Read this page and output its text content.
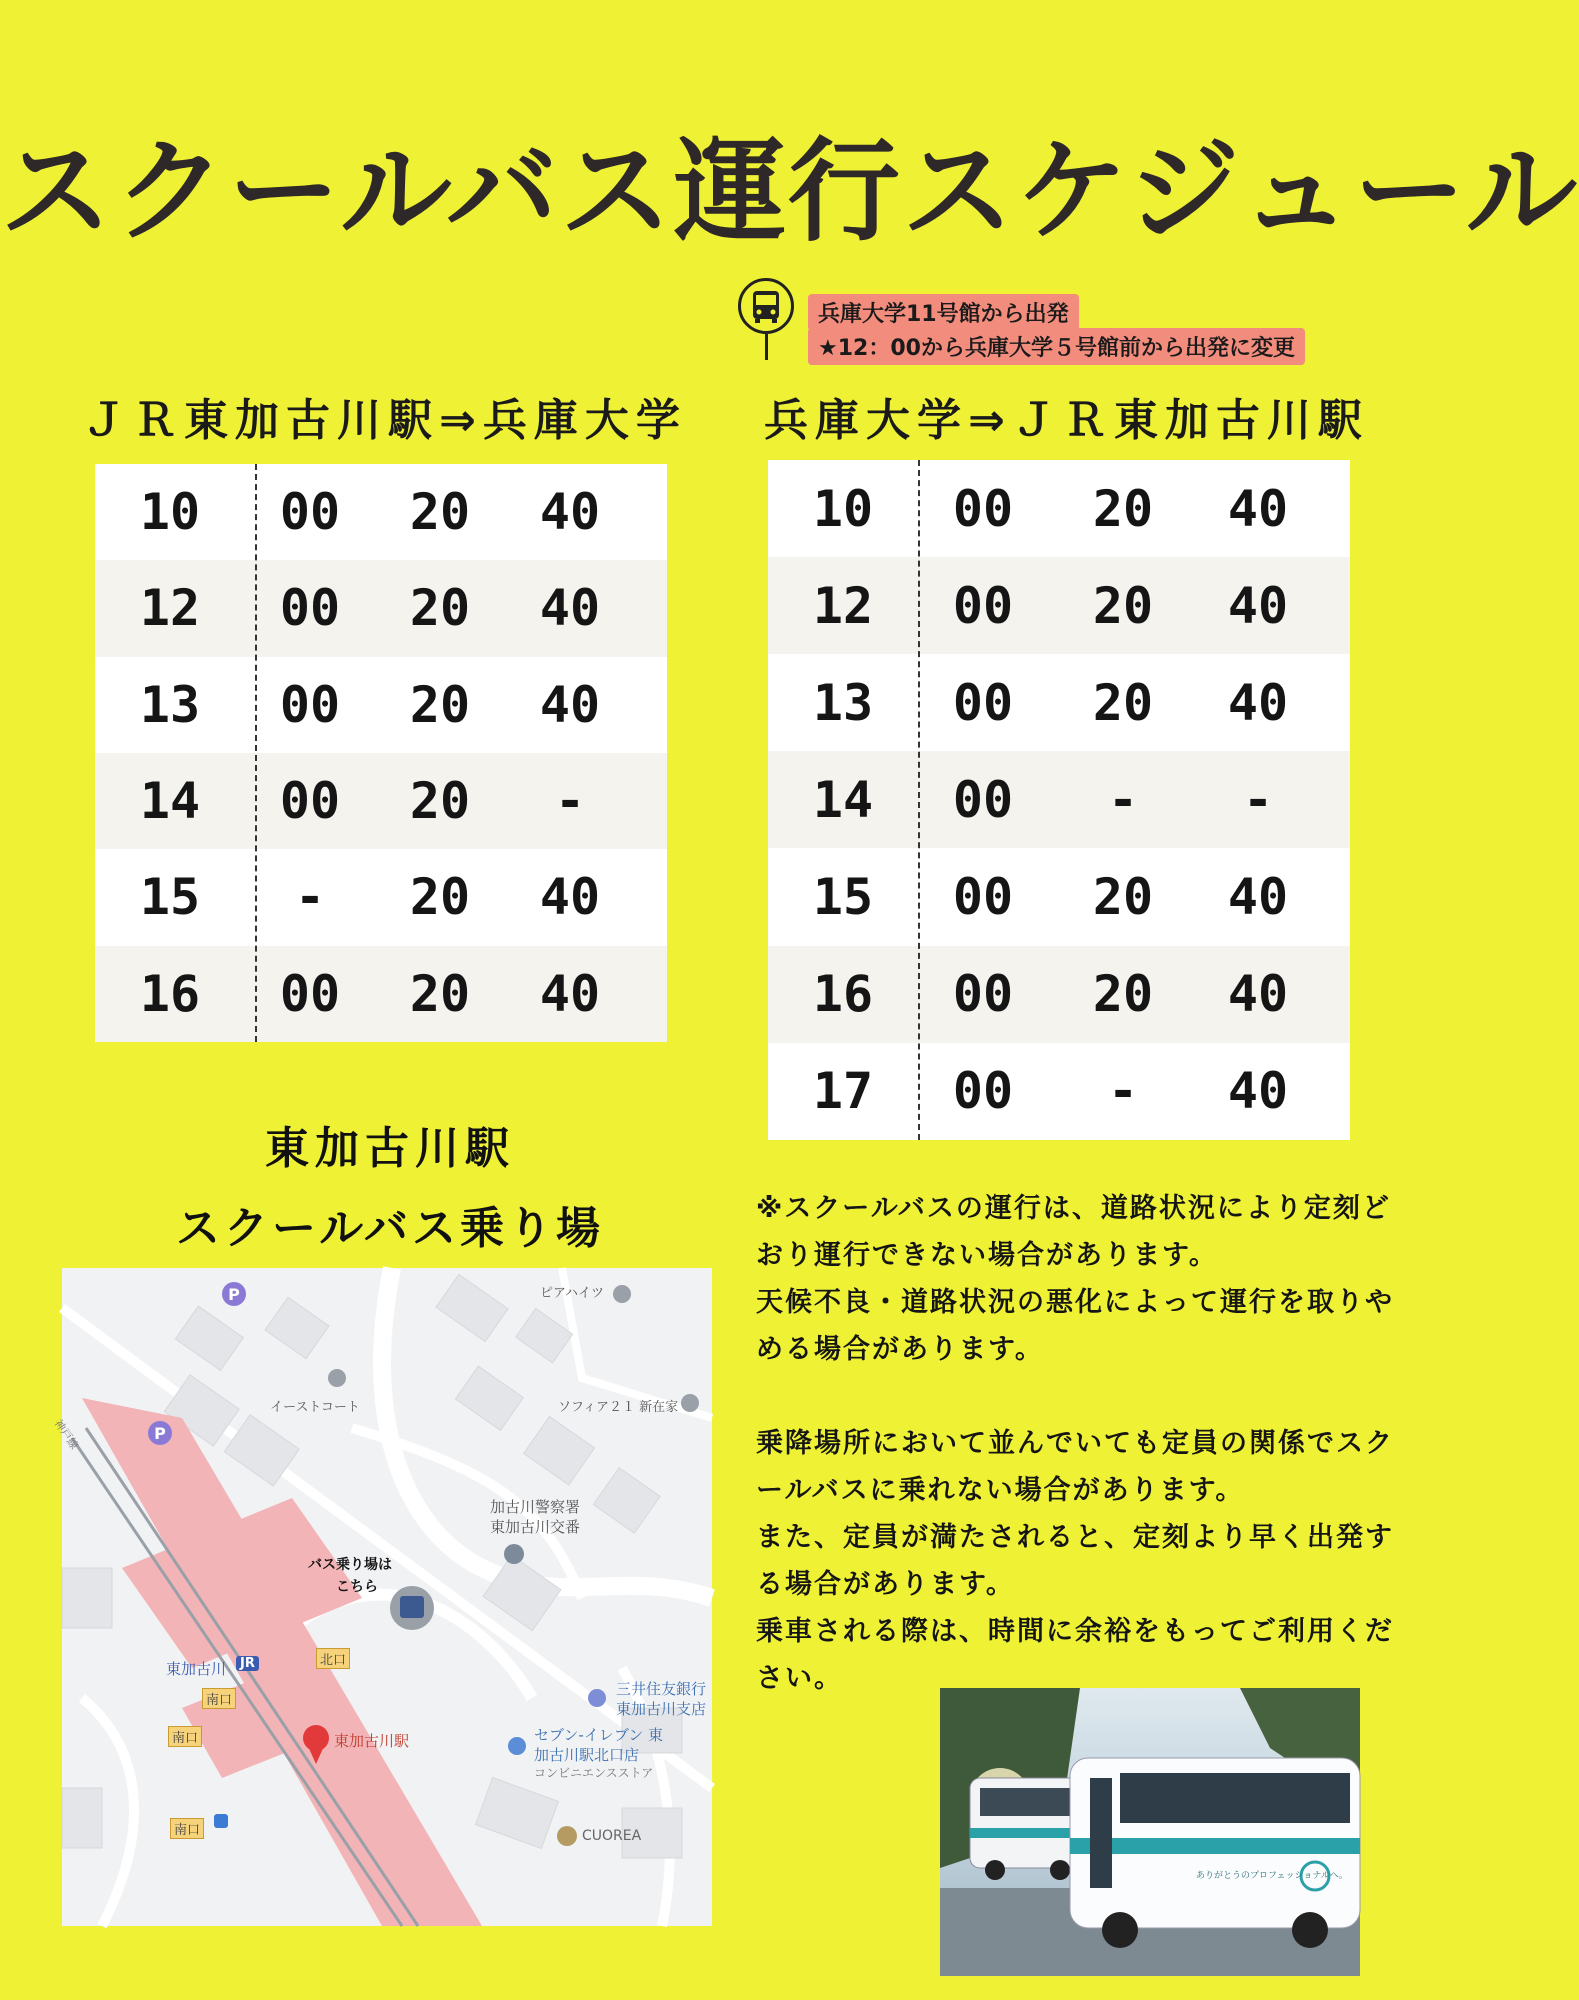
スクールバス運行スケジュール
兵庫大学11号館から出発
★12：00から兵庫大学５号館前から出発に変更
ＪＲ東加古川駅⇒兵庫大学 兵庫大学⇒ＪＲ東加古川駅
10	00	20	40
12	00	20	40
13	00	20	40
14	00	20	-
15	-	20	40
16	00	20	40
10	00	20	40
12	00	20	40
13	00	20	40
14	00	-	-
15	00	20	40
16	00	20	40
17	00	-	40
東加古川駅
スクールバス乗り場	※スクールバスの運行は、道路状況により定刻どおり運行できない場合があります。

天候不良・道路状況の悪化によって運行を取りやめる場合があります。

乗降場所において並んでいても定員の関係でスクールバスに乗れない場合があります。

また、定員が満たされると、定刻より早く出発する場合があります。

乗車される際は、時間に余裕をもってご利用ください。

P
P
ピアハイツ
イーストコート	ソフィア２１ 新在家
加古川警察署
東加古川交番
バス乗り場は
こちら
東加古川	JR	北口
南口
南口
南口
東加古川駅
三井住友銀行
東加古川支店
セブン-イレブン 東
加古川駅北口店
コンビニエンスストア
CUOREA
神戸線
ありがとうのプロフェッショナルへ。
